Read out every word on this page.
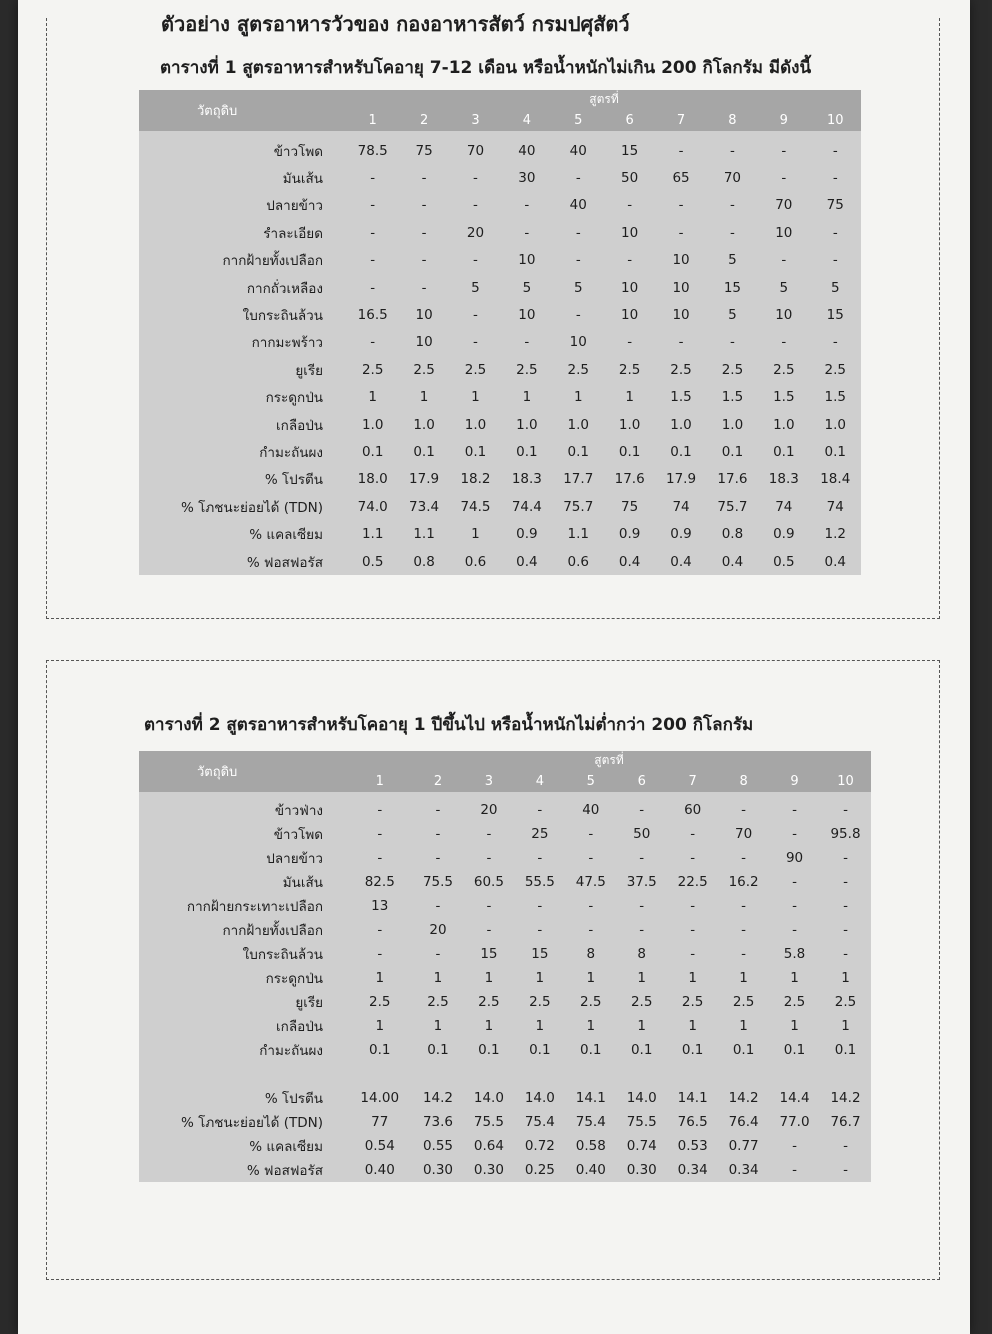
ตัวอย่าง สูตรอาหารวัวของ กองอาหารสัตว์ กรมปศุสัตว์
ตารางที่ 1 สูตรอาหารสำหรับโคอายุ 7-12 เดือน หรือน้ำหนักไม่เกิน 200 กิโลกรัม มีดังนี้
วัตถุดิบ	สูตรที่									
	1	2	3	4	5	6	7	8	9	10
ข้าวโพด	78.5	75	70	40	40	15	-	-	-	-
มันเส้น	-	-	-	30	-	50	65	70	-	-
ปลายข้าว	-	-	-	-	40	-	-	-	70	75
รำละเอียด	-	-	20	-	-	10	-	-	10	-
กากฝ้ายทั้งเปลือก	-	-	-	10	-	-	10	5	-	-
กากถั่วเหลือง	-	-	5	5	5	10	10	15	5	5
ใบกระถินล้วน	16.5	10	-	10	-	10	10	5	10	15
กากมะพร้าว	-	10	-	-	10	-	-	-	-	-
ยูเรีย	2.5	2.5	2.5	2.5	2.5	2.5	2.5	2.5	2.5	2.5
กระดูกป่น	1	1	1	1	1	1	1.5	1.5	1.5	1.5
เกลือป่น	1.0	1.0	1.0	1.0	1.0	1.0	1.0	1.0	1.0	1.0
กำมะถันผง	0.1	0.1	0.1	0.1	0.1	0.1	0.1	0.1	0.1	0.1
% โปรตีน	18.0	17.9	18.2	18.3	17.7	17.6	17.9	17.6	18.3	18.4
% โภชนะย่อยได้ (TDN)	74.0	73.4	74.5	74.4	75.7	75	74	75.7	74	74
% แคลเซียม	1.1	1.1	1	0.9	1.1	0.9	0.9	0.8	0.9	1.2
% ฟอสฟอรัส	0.5	0.8	0.6	0.4	0.6	0.4	0.4	0.4	0.5	0.4
ตารางที่ 2 สูตรอาหารสำหรับโคอายุ 1 ปีขึ้นไป หรือน้ำหนักไม่ต่ำกว่า 200 กิโลกรัม
วัตถุดิบ	สูตรที่									
	1	2	3	4	5	6	7	8	9	10
ข้าวฟ่าง	-	-	20	-	40	-	60	-	-	-
ข้าวโพด	-	-	-	25	-	50	-	70	-	95.8
ปลายข้าว	-	-	-	-	-	-	-	-	90	-
มันเส้น	82.5	75.5	60.5	55.5	47.5	37.5	22.5	16.2	-	-
กากฝ้ายกระเทาะเปลือก	13	-	-	-	-	-	-	-	-	-
กากฝ้ายทั้งเปลือก	-	20	-	-	-	-	-	-	-	-
ใบกระถินล้วน	-	-	15	15	8	8	-	-	5.8	-
กระดูกป่น	1	1	1	1	1	1	1	1	1	1
ยูเรีย	2.5	2.5	2.5	2.5	2.5	2.5	2.5	2.5	2.5	2.5
เกลือป่น	1	1	1	1	1	1	1	1	1	1
กำมะถันผง	0.1	0.1	0.1	0.1	0.1	0.1	0.1	0.1	0.1	0.1

% โปรตีน	14.00	14.2	14.0	14.0	14.1	14.0	14.1	14.2	14.4	14.2
% โภชนะย่อยได้ (TDN)	77	73.6	75.5	75.4	75.4	75.5	76.5	76.4	77.0	76.7
% แคลเซียม	0.54	0.55	0.64	0.72	0.58	0.74	0.53	0.77	-	-
% ฟอสฟอรัส	0.40	0.30	0.30	0.25	0.40	0.30	0.34	0.34	-	-
